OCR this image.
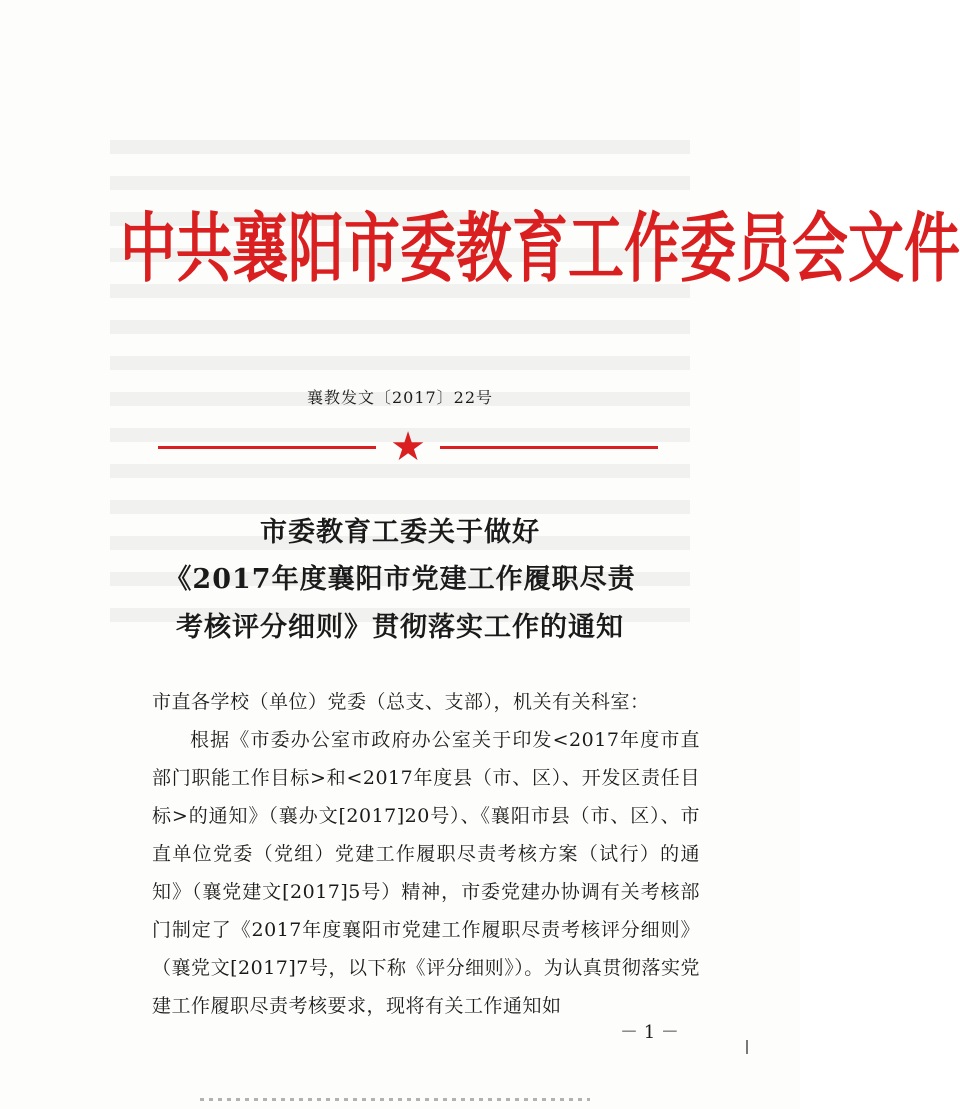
中共襄阳市委教育工作委员会文件
襄教发文〔2017〕22号
★
市委教育工委关于做好
《2017年度襄阳市党建工作履职尽责
考核评分细则》贯彻落实工作的通知

市直各学校（单位）党委（总支、支部），机关有关科室：

根据《市委办公室市政府办公室关于印发<2017年度市直部门职能工作目标>和<2017年度县（市、区）、开发区责任目标>的通知》（襄办文[2017]20号）、《襄阳市县（市、区）、市直单位党委（党组）党建工作履职尽责考核方案（试行）的通知》（襄党建文[2017]5号）精神，市委党建办协调有关考核部门制定了《2017年度襄阳市党建工作履职尽责考核评分细则》（襄党文[2017]7号，以下称《评分细则》）。为认真贯彻落实党建工作履职尽责考核要求，现将有关工作通知如

－ 1 －
